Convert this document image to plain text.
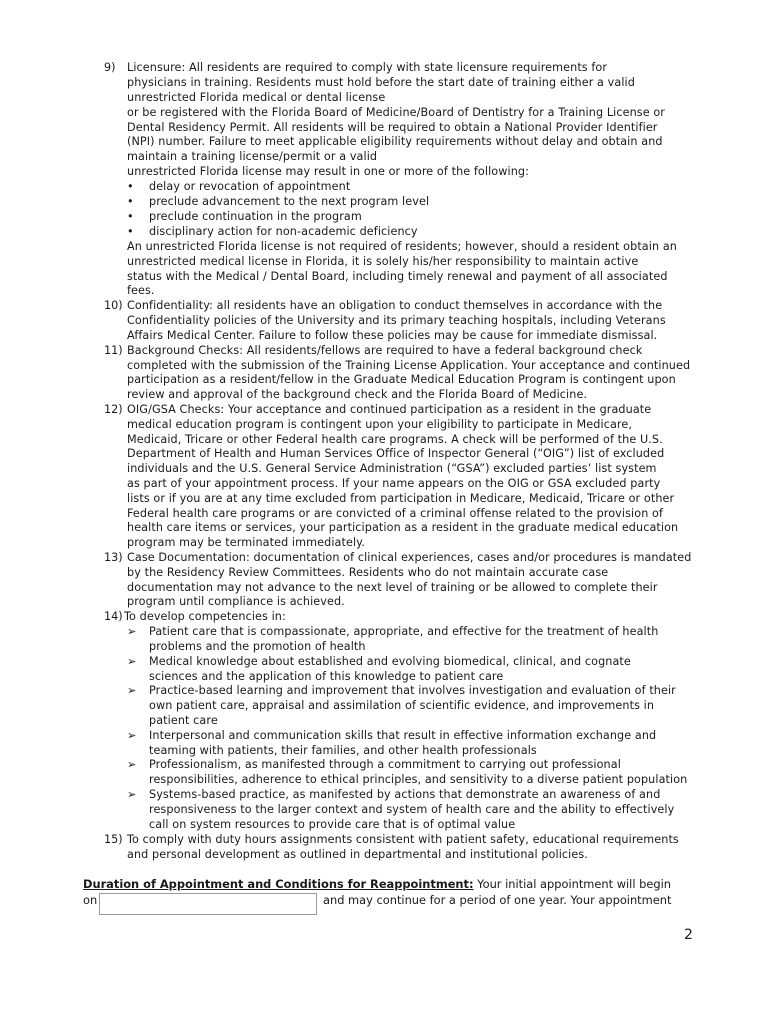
9) Licensure: All residents are required to comply with state licensure requirements for
physicians in training. Residents must hold before the start date of training either a valid
unrestricted Florida medical or dental license
or be registered with the Florida Board of Medicine/Board of Dentistry for a Training License or
Dental Residency Permit. All residents will be required to obtain a National Provider Identifier
(NPI) number. Failure to meet applicable eligibility requirements without delay and obtain and
maintain a training license/permit or a valid
unrestricted Florida license may result in one or more of the following:
• delay or revocation of appointment
• preclude advancement to the next program level
• preclude continuation in the program
• disciplinary action for non-academic deficiency
An unrestricted Florida license is not required of residents; however, should a resident obtain an
unrestricted medical license in Florida, it is solely his/her responsibility to maintain active
status with the Medical / Dental Board, including timely renewal and payment of all associated
fees.
10) Confidentiality: all residents have an obligation to conduct themselves in accordance with the
Confidentiality policies of the University and its primary teaching hospitals, including Veterans
Affairs Medical Center. Failure to follow these policies may be cause for immediate dismissal.
11) Background Checks: All residents/fellows are required to have a federal background check
completed with the submission of the Training License Application. Your acceptance and continued
participation as a resident/fellow in the Graduate Medical Education Program is contingent upon
review and approval of the background check and the Florida Board of Medicine.
12) OIG/GSA Checks: Your acceptance and continued participation as a resident in the graduate
medical education program is contingent upon your eligibility to participate in Medicare,
Medicaid, Tricare or other Federal health care programs. A check will be performed of the U.S.
Department of Health and Human Services Office of Inspector General (“OIG”) list of excluded
individuals and the U.S. General Service Administration (“GSA”) excluded parties’ list system
as part of your appointment process. If your name appears on the OIG or GSA excluded party
lists or if you are at any time excluded from participation in Medicare, Medicaid, Tricare or other
Federal health care programs or are convicted of a criminal offense related to the provision of
health care items or services, your participation as a resident in the graduate medical education
program may be terminated immediately.
13) Case Documentation: documentation of clinical experiences, cases and/or procedures is mandated
by the Residency Review Committees. Residents who do not maintain accurate case
documentation may not advance to the next level of training or be allowed to complete their
program until compliance is achieved.
14) To develop competencies in:
➢ Patient care that is compassionate, appropriate, and effective for the treatment of health
problems and the promotion of health
➢ Medical knowledge about established and evolving biomedical, clinical, and cognate
sciences and the application of this knowledge to patient care
➢ Practice-based learning and improvement that involves investigation and evaluation of their
own patient care, appraisal and assimilation of scientific evidence, and improvements in
patient care
➢ Interpersonal and communication skills that result in effective information exchange and
teaming with patients, their families, and other health professionals
➢ Professionalism, as manifested through a commitment to carrying out professional
responsibilities, adherence to ethical principles, and sensitivity to a diverse patient population
➢ Systems-based practice, as manifested by actions that demonstrate an awareness of and
responsiveness to the larger context and system of health care and the ability to effectively
call on system resources to provide care that is of optimal value
15) To comply with duty hours assignments consistent with patient safety, educational requirements
and personal development as outlined in departmental and institutional policies.
Duration of Appointment and Conditions for Reappointment: Your initial appointment will begin
on	and may continue for a period of one year. Your appointment
2
